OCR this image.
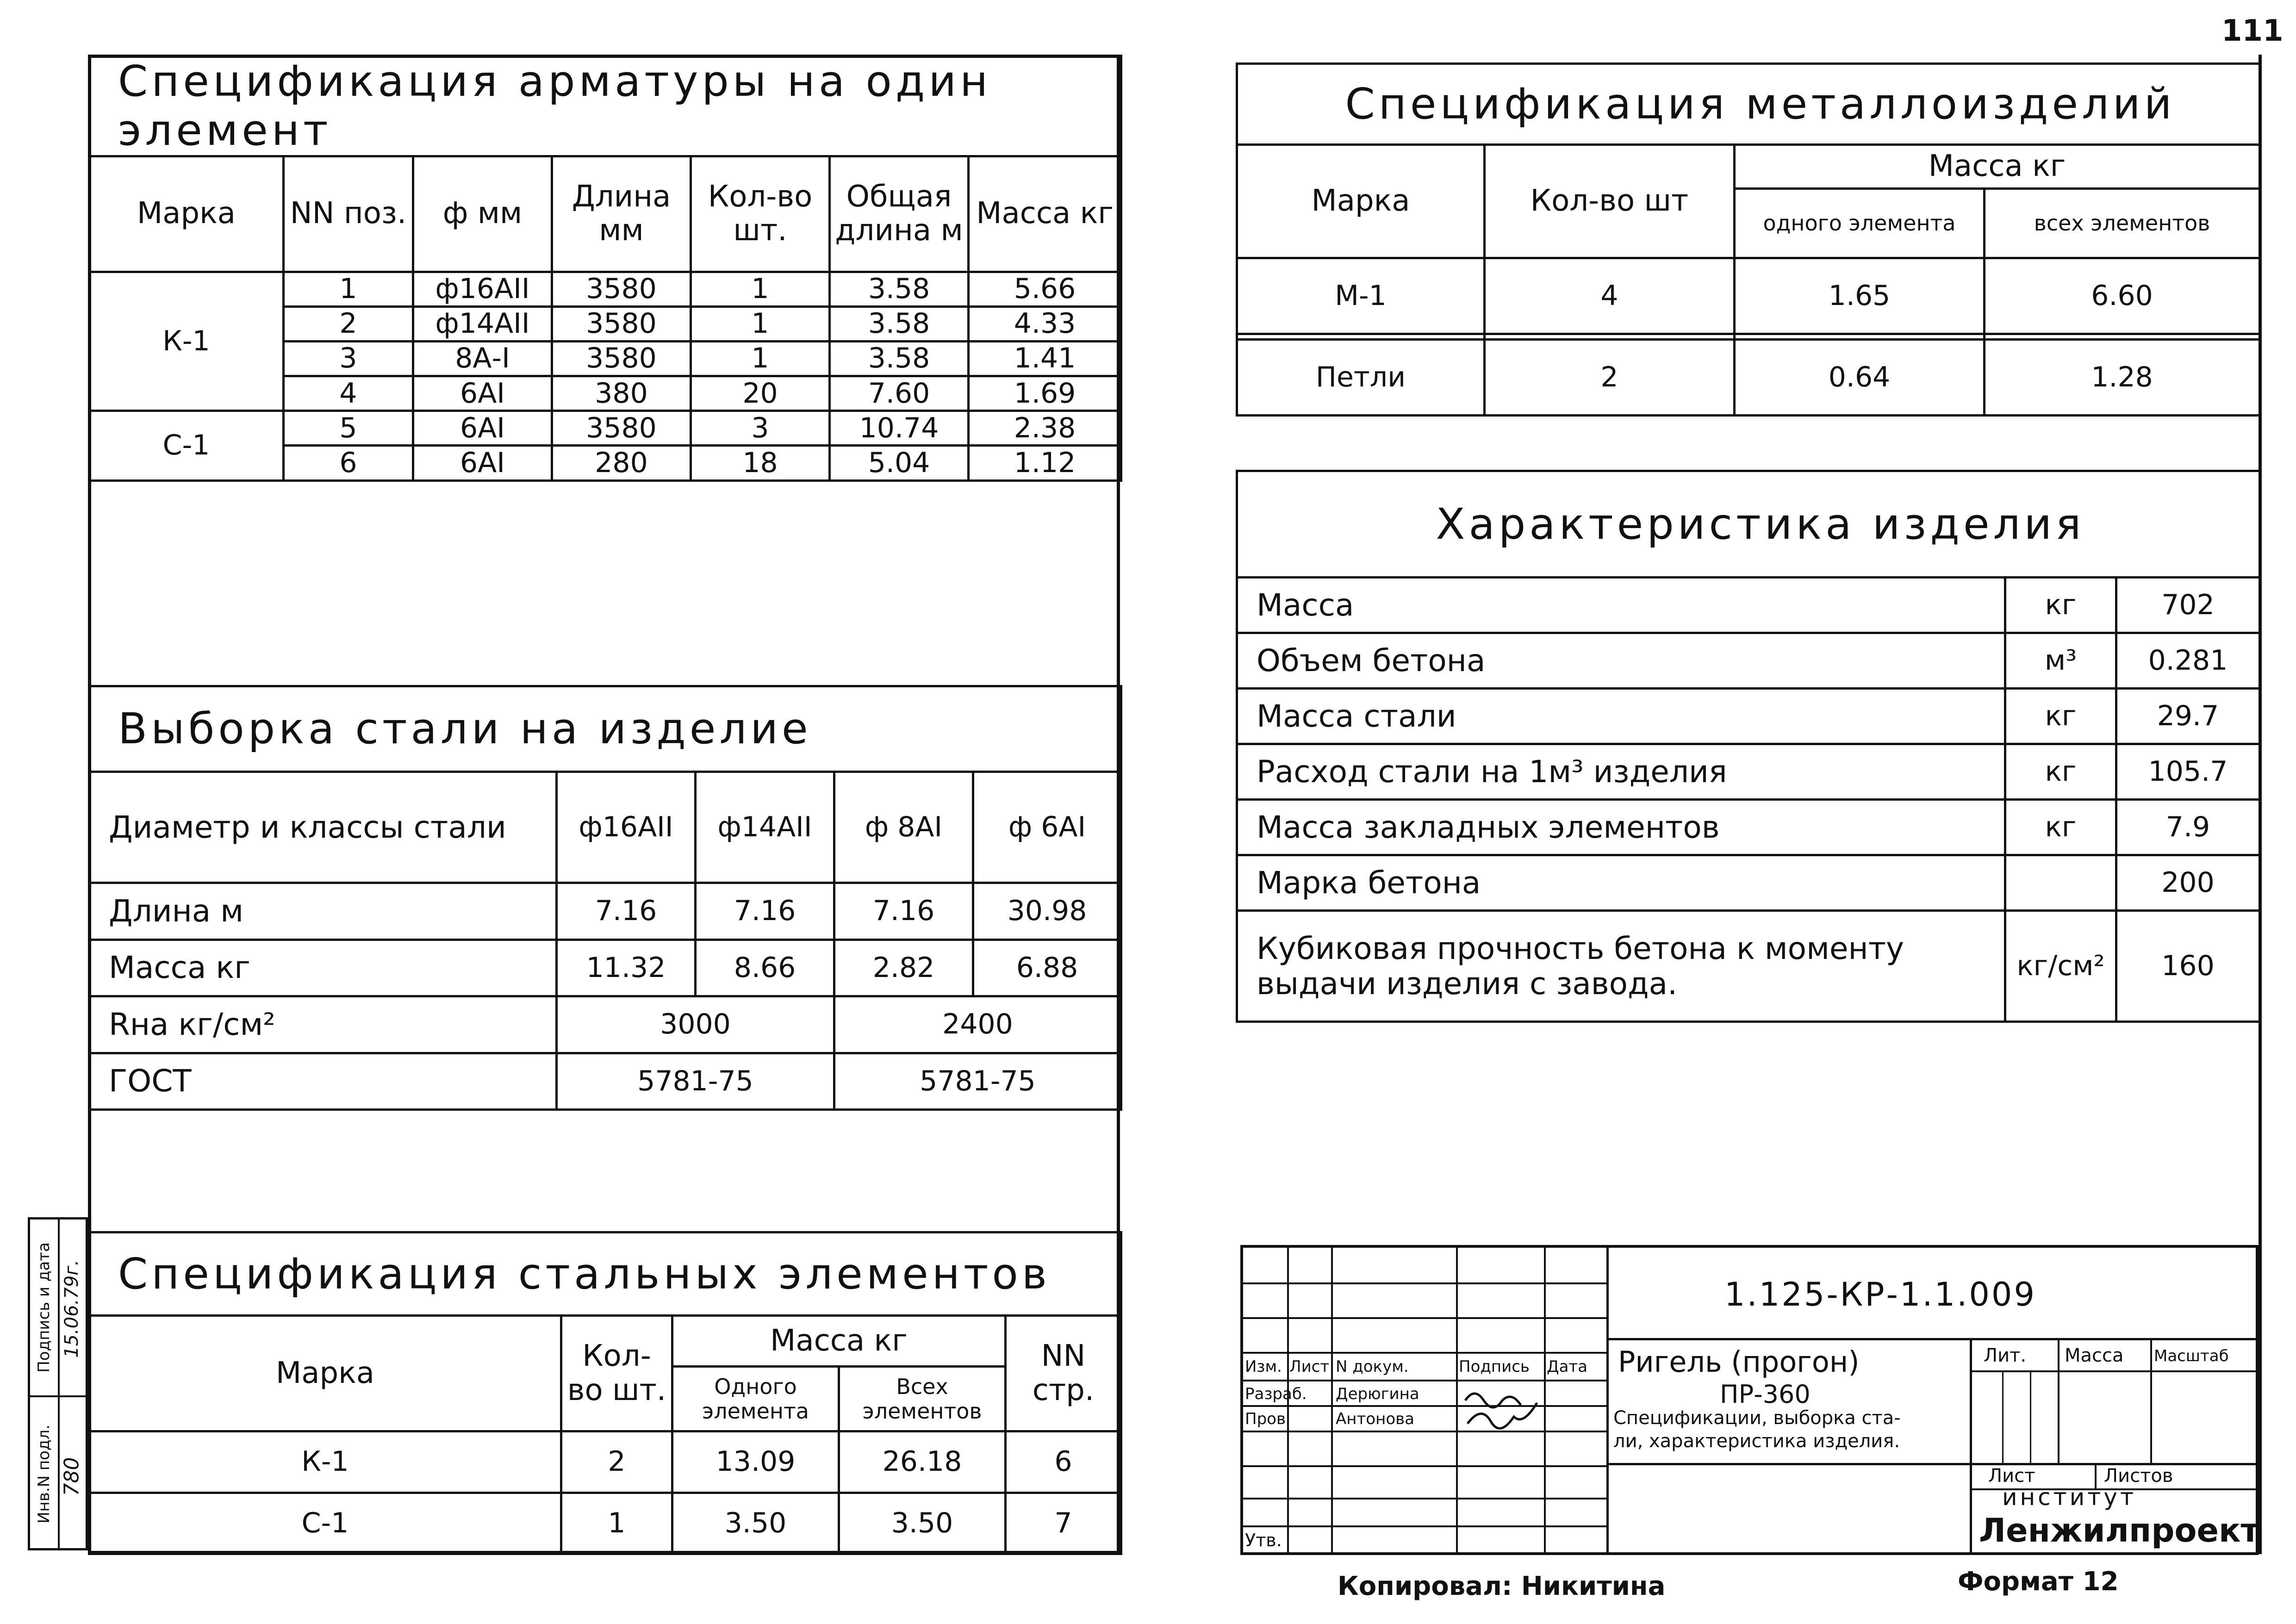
111
Спецификация арматуры на один элемент						
Марка	NN поз.	ф мм	Длина мм	Кол-во шт.	Общая длина м	Масса кг
К-1	1	ф16АII	3580	1	3.58	5.66
	2	ф14АII	3580	1	3.58	4.33
	3	8А-I	3580	1	3.58	1.41
	4	6АI	380	20	7.60	1.69
С-1	5	6АI	3580	3	10.74	2.38
	6	6АI	280	18	5.04	1.12

Выборка стали на изделие				
Диаметр и классы стали	ф16АII	ф14АII	ф 8АI	ф 6АI
Длина м	7.16	7.16	7.16	30.98
Масса кг	11.32	8.66	2.82	6.88
Rна кг/см²	3000		2400	
ГОСТ	5781-75		5781-75	
Спецификация стальных элементов				
Марка	Кол-во шт.	Масса кг		NN стр.
		Одного элемента	Всех элементов	
К-1	2	13.09	26.18	6
С-1	1	3.50	3.50	7
Подпись и дата
Инв.N подл.
15.06.79г.
780
Спецификация металлоизделий			
Марка	Кол-во шт	Масса кг	
		одного элемента	всех элементов
М-1	4	1.65	6.60

Петли	2	0.64	1.28
Характеристика изделия		
Масса	кг	702
Объем бетона	м³	0.281
Масса стали	кг	29.7
Расход стали на 1м³ изделия	кг	105.7
Масса закладных элементов	кг	7.9
Марка бетона		200
Кубиковая прочность бетона к моменту выдачи изделия с завода.	кг/см²	160
Изм. Лист N докум.	Подпись Дата
Разраб. Дерюгина
Пров	Антонова
Утв.
1.125-КР-1.1.009
Ригель (прогон)
ПР-360
Спецификации, выборка ста-
ли, характеристика изделия.
Лит. Масса Масштаб
Лист	Листов
институт
Ленжилпроект
Копировал: Никитина	Формат 12
